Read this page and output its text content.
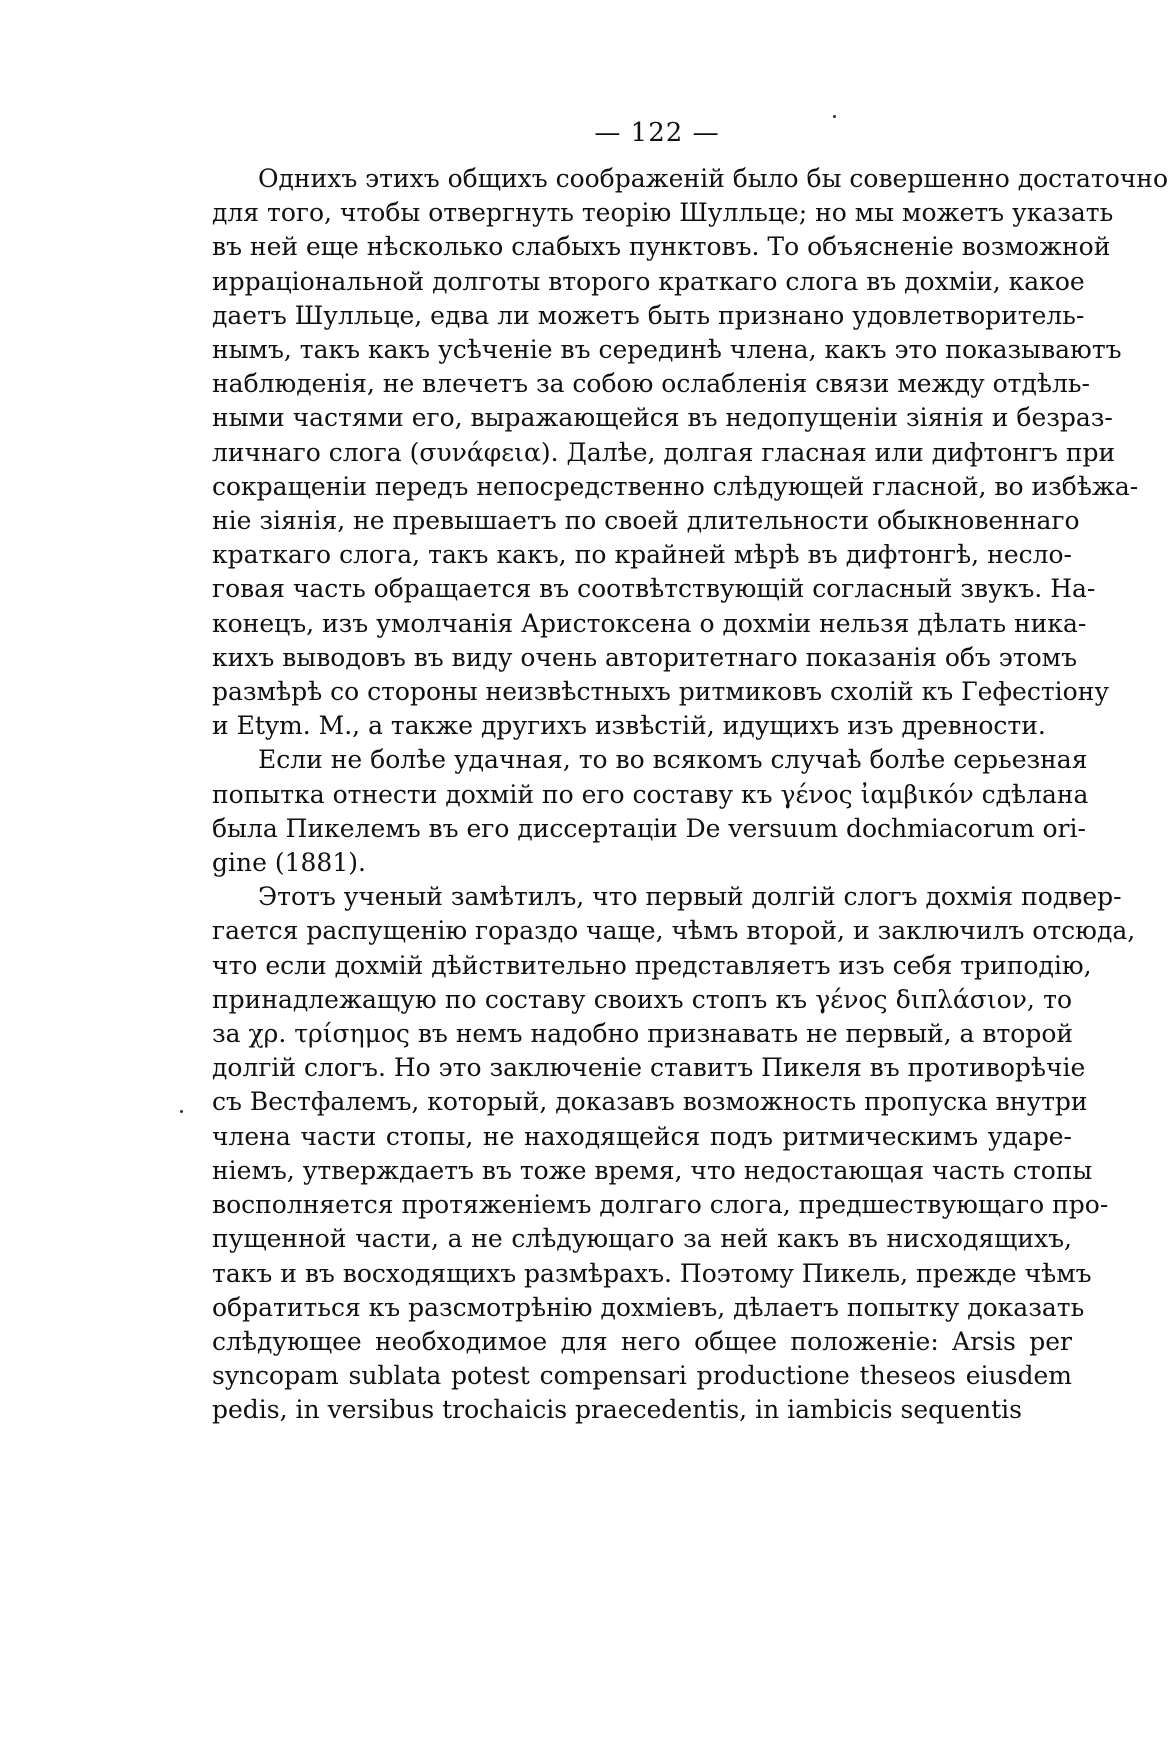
— 122 —
Однихъ этихъ общихъ соображеній было бы совершенно достаточно
для того, чтобы отвергнуть теорію Шулльце; но мы можетъ указать
въ ней еще нѣсколько слабыхъ пунктовъ. То объясненіе возможной
ирраціональной долготы второго краткаго слога въ дохміи, какое
даетъ Шулльце, едва ли можетъ быть признано удовлетворитель-
нымъ, такъ какъ усѣченіе въ серединѣ члена, какъ это показываютъ
наблюденія, не влечетъ за собою ослабленія связи между отдѣль-
ными частями его, выражающейся въ недопущеніи зіянія и безраз-
личнаго слога (συνάφεια). Далѣе, долгая гласная или дифтонгъ при
сокращеніи передъ непосредственно слѣдующей гласной, во избѣжа-
ніе зіянія, не превышаетъ по своей длительности обыкновеннаго
краткаго слога, такъ какъ, по крайней мѣрѣ въ дифтонгѣ, несло-
говая часть обращается въ соотвѣтствующій согласный звукъ. На-
конецъ, изъ умолчанія Аристоксена о дохміи нельзя дѣлать ника-
кихъ выводовъ въ виду очень авторитетнаго показанія объ этомъ
размѣрѣ со стороны неизвѣстныхъ ритмиковъ схолій къ Гефестіону
и Etym. M., а также другихъ извѣстій, идущихъ изъ древности.
Если не болѣе удачная, то во всякомъ случаѣ болѣе серьезная
попытка отнести дохмій по его составу къ γένος ἰαμβικόν сдѣлана
была Пикелемъ въ его диссертаціи De versuum dochmiacorum ori-
gine (1881).
Этотъ ученый замѣтилъ, что первый долгій слогъ дохмія подвер-
гается распущенію гораздо чаще, чѣмъ второй, и заключилъ отсюда,
что если дохмій дѣйствительно представляетъ изъ себя триподію,
принадлежащую по составу своихъ стопъ къ γένος διπλάσιον, то
за χρ. τρίσημος въ немъ надобно признавать не первый, а второй
долгій слогъ. Но это заключеніе ставитъ Пикеля въ противорѣчіе
съ Вестфалемъ, который, доказавъ возможность пропуска внутри
члена части стопы, не находящейся подъ ритмическимъ ударе-
ніемъ, утверждаетъ въ тоже время, что недостающая часть стопы
восполняется протяженіемъ долгаго слога, предшествующаго про-
пущенной части, а не слѣдующаго за ней какъ въ нисходящихъ,
такъ и въ восходящихъ размѣрахъ. Поэтому Пикель, прежде чѣмъ
обратиться къ разсмотрѣнію дохміевъ, дѣлаетъ попытку доказать
слѣдующее необходимое для него общее положеніе: Arsis per
syncopam sublata potest compensari productione theseos eiusdem
pedis, in versibus trochaicis praecedentis, in iambicis sequentis
